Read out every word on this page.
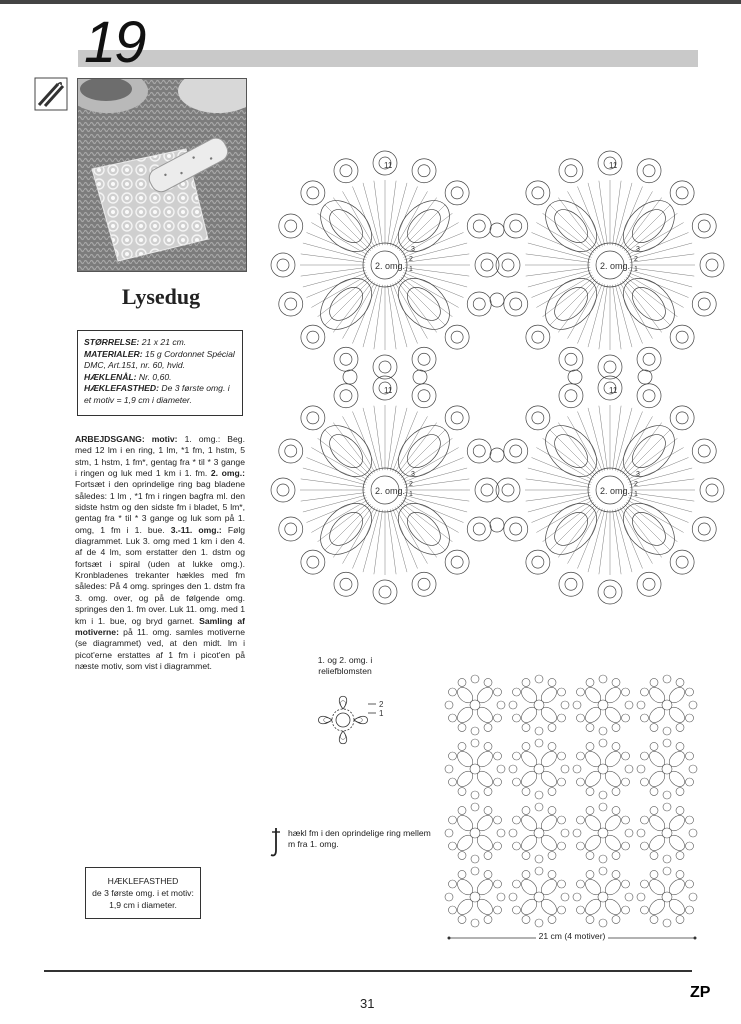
19
Lysedug
STØRRELSE: 21 x 21 cm.
MATERIALER: 15 g Cordonnet Spécial DMC, Art.151, nr. 60, hvid.
HÆKLENÅL: Nr. 0,60.
HÆKLEFASTHED: De 3 første omg. i et motiv = 1,9 cm i diameter.
ARBEJDSGANG: motiv: 1. omg.: Beg. med 12 lm i en ring, 1 lm, *1 fm, 1 hstm, 5 stm, 1 hstm, 1 fm*, gentag fra * til * 3 gange i ringen og luk med 1 km i 1. fm. 2. omg.: Fortsæt i den oprindelige ring bag bladene således: 1 lm , *1 fm i ringen bagfra ml. den sidste hstm og den sidste fm i bladet, 5 lm*, gentag fra * til * 3 gange og luk som på 1. omg, 1 fm i 1. bue. 3.-11. omg.: Følg diagrammet. Luk 3. omg med 1 km i den 4. af de 4 lm, som erstatter den 1. dstm og fortsæt i spiral (uden at lukke omg.). Kronbladenes trekanter hækles med fm således: På 4 omg. springes den 1. dstm fra 3. omg. over, og på de følgende omg. springes den 1. fm over. Luk 11. omg. med 1 km i 1. bue, og bryd garnet. Samling af motiverne: på 11. omg. samles motiverne (se diagrammet) ved, at den midt. lm i picot'erne erstattes af 1 fm i picot'en på næste motiv, som vist i diagrammet.
HÆKLEFASTHED
de 3 første omg. i et motiv:
1,9 cm i diameter.
2. omg.
11
3
2
1	2. omg.
11
3
2
1
2. omg.
11
3
2
1	2. omg.
11
3
2
1
1. og 2. omg. i
reliefblomsten
2
1
hækl fm i den oprindelige ring mellem m fra 1. omg.
21 cm (4 motiver)
31
ZP
